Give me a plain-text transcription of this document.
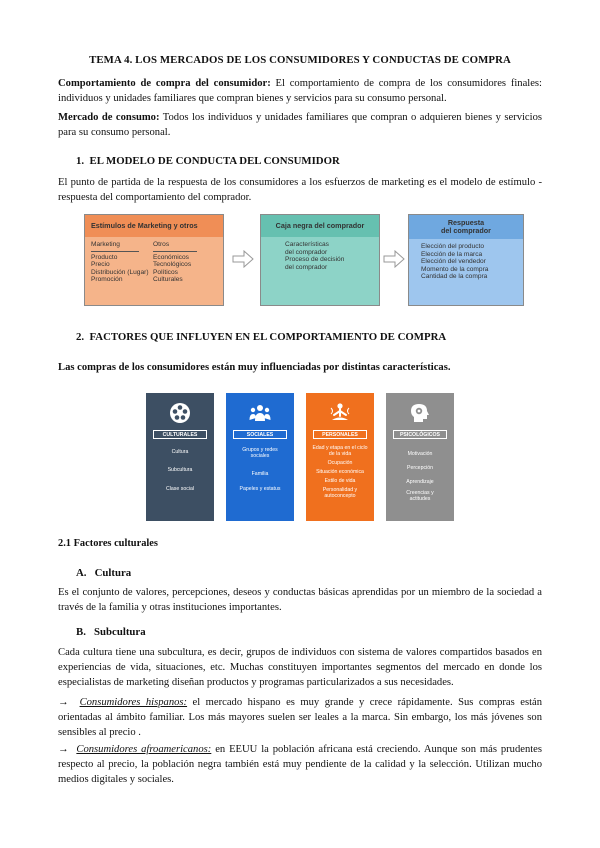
TEMA 4. LOS MERCADOS DE LOS CONSUMIDORES Y CONDUCTAS DE COMPRA

Comportamiento de compra del consumidor: El comportamiento de compra de los consumidores finales: individuos y unidades familiares que compran bienes y servicios para su consumo personal.

Mercado de consumo: Todos los individuos y unidades familiares que compran o adquieren bienes y servicios para su consumo personal.

1. EL MODELO DE CONDUCTA DEL CONSUMIDOR

El punto de partida de la respuesta de los consumidores a los esfuerzos de marketing es el modelo de estímulo - respuesta del comportamiento del comprador.

Estímulos de Marketing y otros
Marketing
Producto
Precio
Distribución (Lugar)
Promoción
Otros
Económicos
Tecnológicos
Políticos
Culturales
Caja negra del comprador
Características
del comprador
Proceso de decisión
del comprador
Respuesta
del comprador
Elección del producto
Elección de la marca
Elección del vendedor
Momento de la compra
Cantidad de la compra
2. FACTORES QUE INFLUYEN EN EL COMPORTAMIENTO DE COMPRA

Las compras de los consumidores están muy influenciadas por distintas características.

CULTURALES
Cultura
Subcultura
Clase social
SOCIALES
Grupos y redes sociales
Familia
Papeles y estatus
PERSONALES
Edad y etapa en el ciclo de la vida
Ocupación
Situación económica
Estilo de vida
Personalidad y autoconcepto
PSICOLÓGICOS
Motivación
Percepción
Aprendizaje
Creencias y actitudes
2.1 Factores culturales
A. Cultura

Es el conjunto de valores, percepciones, deseos y conductas básicas aprendidas por un miembro de la sociedad a través de la familia y otras instituciones importantes.

B. Subcultura

Cada cultura tiene una subcultura, es decir, grupos de individuos con sistema de valores compartidos basados en experiencias de vida, situaciones, etc. Muchas constituyen importantes segmentos del mercado en donde los especialistas de marketing diseñan productos y programas particularizados a sus necesidades.

→ Consumidores hispanos: el mercado hispano es muy grande y crece rápidamente. Sus compras están orientadas al ámbito familiar. Los más mayores suelen ser leales a la marca. Sin embargo, los más jóvenes son sensibles al precio .

→ Consumidores afroamericanos: en EEUU la población africana está creciendo. Aunque son más prudentes respecto al precio, la población negra también está muy pendiente de la calidad y la selección. Utilizan mucho medios digitales y sociales.
